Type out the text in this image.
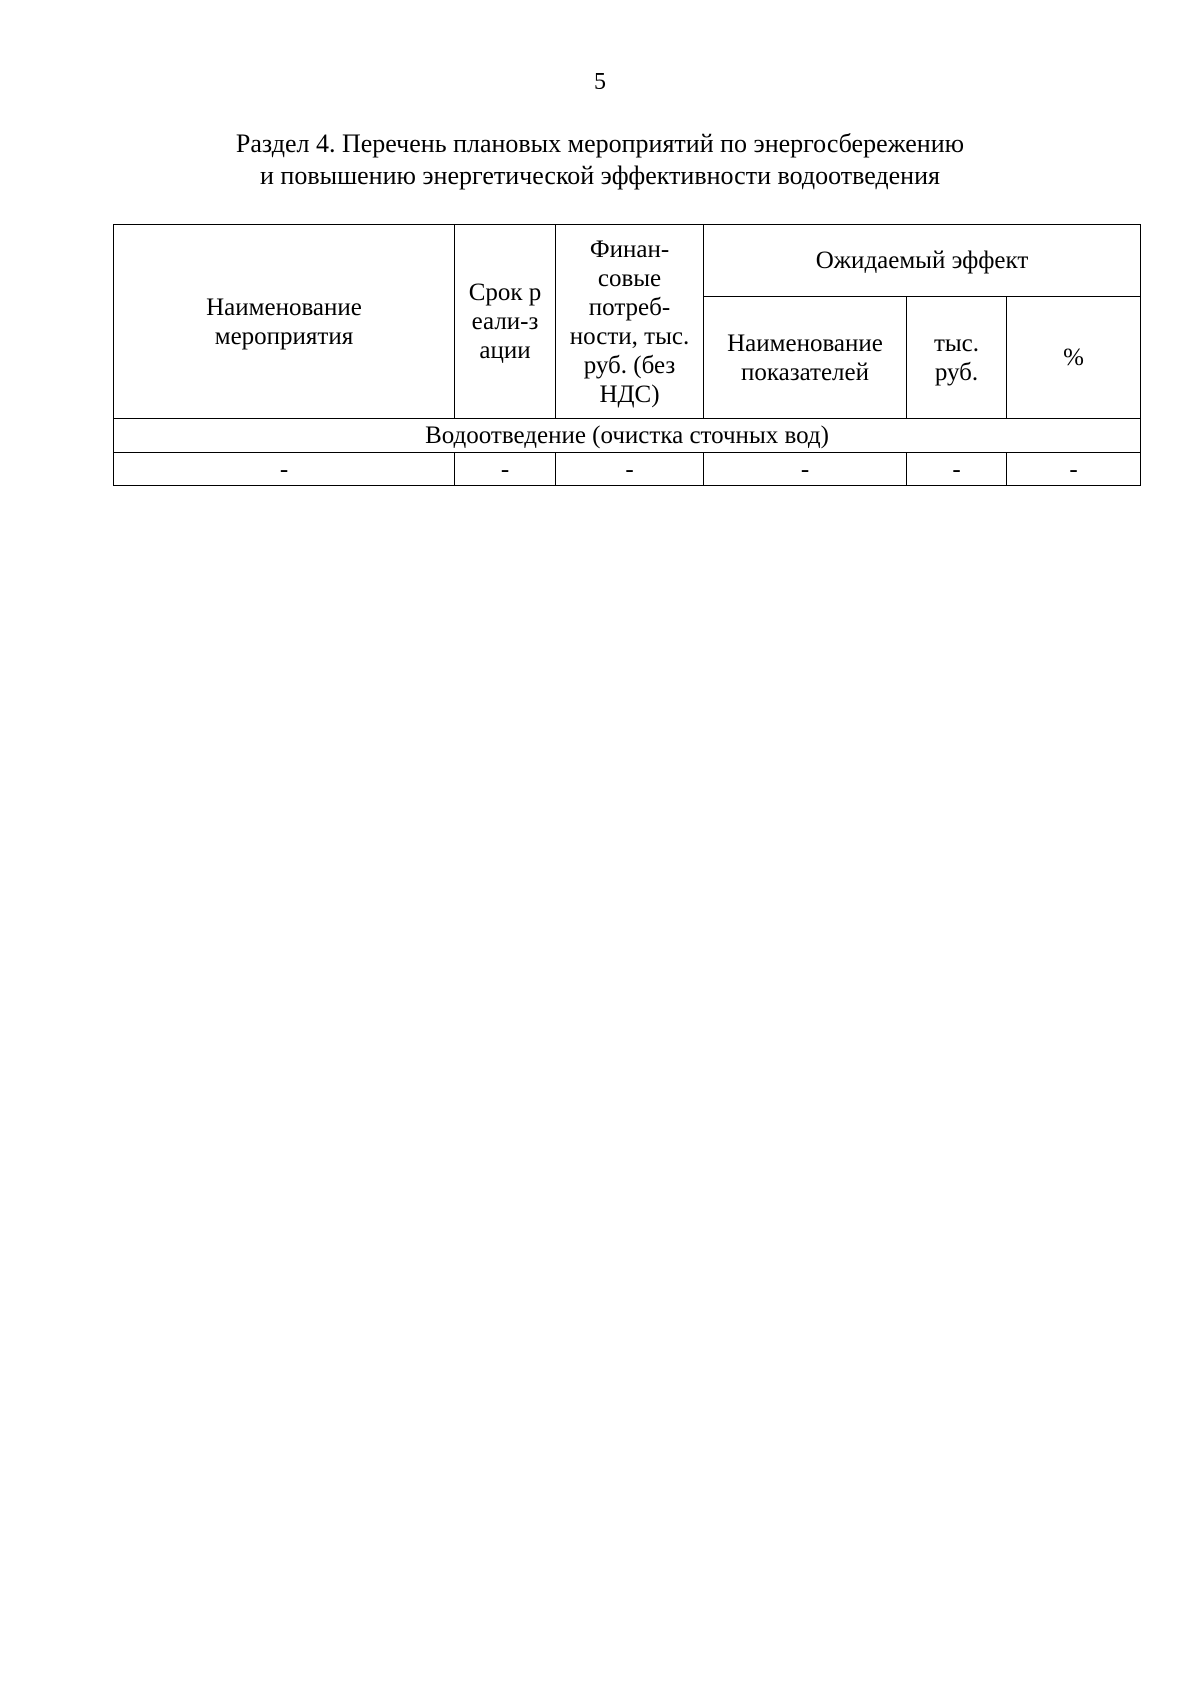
5
Раздел 4. Перечень плановых мероприятий по энергосбережению
и повышению энергетической эффективности водоотведения
Наименование мероприятия	Срок реали-зации	Финан-совые потреб-ности, тыс. руб. (без НДС)	Ожидаемый эффект		

			Наименование показателей	тыс. руб.	%
Водоотведение (очистка сточных вод)					
-	-	-	-	-	-
